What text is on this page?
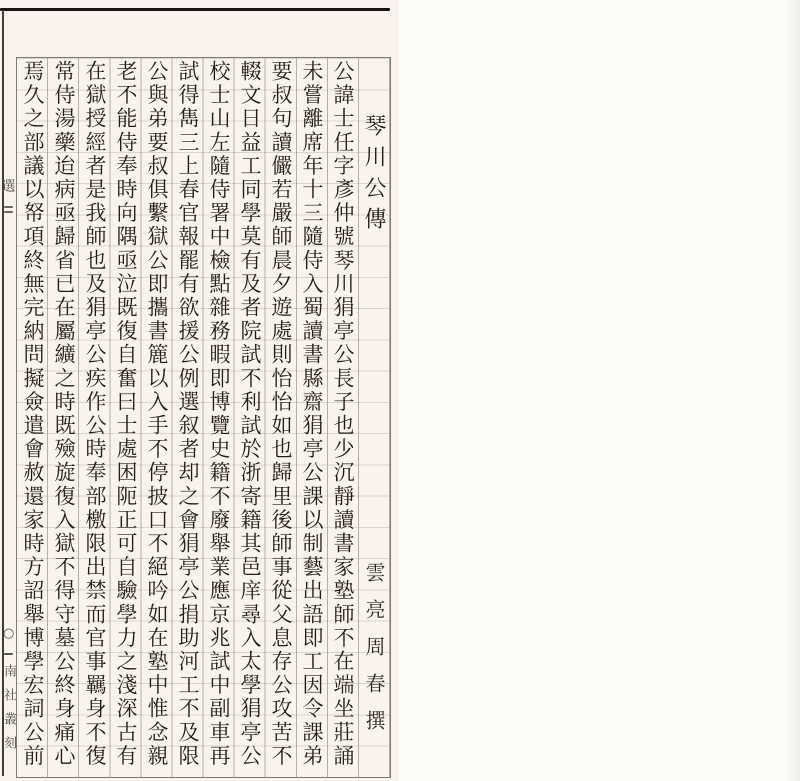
選
○
南社叢刻
琴川公傳
雲亮周春撰
公諱士任字彥仲號琴川狷亭公長子也少沉靜讀書家塾師不在端坐莊誦
未嘗離席年十三隨侍入蜀讀書縣齋狷亭公課以制藝出語即工因令課弟
要叔句讀儼若嚴師晨夕遊處則怡怡如也歸里後師事從父息存公攻苦不
輟文日益工同學莫有及者院試不利試於浙寄籍其邑庠尋入太學狷亭公
校士山左隨侍署中檢點雜務暇即博覽史籍不廢舉業應京兆試中副車再
試得雋三上春官報罷有欲援公例選叙者却之會狷亭公捐助河工不及限
公與弟要叔俱繫獄公即攜書簏以入手不停披口不絕吟如在塾中惟念親
老不能侍奉時向隅亟泣既復自奮曰士處困阨正可自驗學力之淺深古有
在獄授經者是我師也及狷亭公疾作公時奉部檄限出禁而官事羈身不復
常侍湯藥迨病亟歸省已在屬纊之時既殮旋復入獄不得守墓公終身痛心
焉久之部議以帑項終無完納問擬僉遣會赦還家時方詔舉博學宏詞公前
